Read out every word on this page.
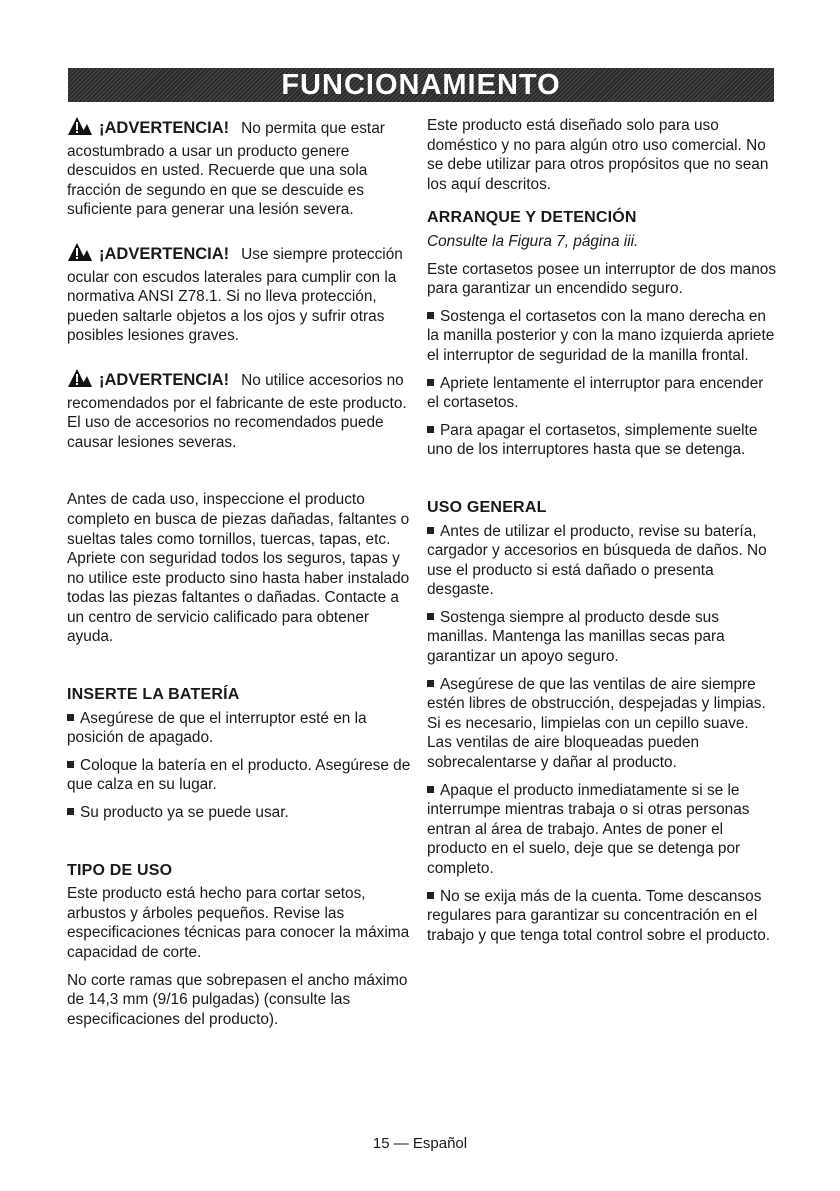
FUNCIONAMIENTO

¡ADVERTENCIA! No permita que estar acostumbrado a usar un producto genere descuidos en usted. Recuerde que una sola fracción de segundo en que se descuide es suficiente para generar una lesión severa.

¡ADVERTENCIA! Use siempre protección ocular con escudos laterales para cumplir con la normativa ANSI Z78.1. Si no lleva protección, pueden saltarle objetos a los ojos y sufrir otras posibles lesiones graves.

¡ADVERTENCIA! No utilice accesorios no recomendados por el fabricante de este producto. El uso de accesorios no recomendados puede causar lesiones severas.

Antes de cada uso, inspeccione el producto completo en busca de piezas dañadas, faltantes o sueltas tales como tornillos, tuercas, tapas, etc. Apriete con seguridad todos los seguros, tapas y no utilice este producto sino hasta haber instalado todas las piezas faltantes o dañadas. Contacte a un centro de servicio calificado para obtener ayuda.

INSERTE LA BATERÍA

Asegúrese de que el interruptor esté en la posición de apagado.

Coloque la batería en el producto. Asegúrese de que calza en su lugar.

Su producto ya se puede usar.

TIPO DE USO

Este producto está hecho para cortar setos, arbustos y árboles pequeños. Revise las especificaciones técnicas para conocer la máxima capacidad de corte.

No corte ramas que sobrepasen el ancho máximo de 14,3 mm (9/16 pulgadas) (consulte las especificaciones del producto).

Este producto está diseñado solo para uso doméstico y no para algún otro uso comercial. No se debe utilizar para otros propósitos que no sean los aquí descritos.

ARRANQUE Y DETENCIÓN
Consulte la Figura 7, página iii.

Este cortasetos posee un interruptor de dos manos para garantizar un encendido seguro.

Sostenga el cortasetos con la mano derecha en la manilla posterior y con la mano izquierda apriete el interruptor de seguridad de la manilla frontal.

Apriete lentamente el interruptor para encender el cortasetos.

Para apagar el cortasetos, simplemente suelte uno de los interruptores hasta que se detenga.

USO GENERAL

Antes de utilizar el producto, revise su batería, cargador y accesorios en búsqueda de daños. No use el producto si está dañado o presenta desgaste.

Sostenga siempre al producto desde sus manillas. Mantenga las manillas secas para garantizar un apoyo seguro.

Asegúrese de que las ventilas de aire siempre estén libres de obstrucción, despejadas y limpias. Si es necesario, limpielas con un cepillo suave. Las ventilas de aire bloqueadas pueden sobrecalentarse y dañar al producto.

Apaque el producto inmediatamente si se le interrumpe mientras trabaja o si otras personas entran al área de trabajo. Antes de poner el producto en el suelo, deje que se detenga por completo.

No se exija más de la cuenta. Tome descansos regulares para garantizar su concentración en el trabajo y que tenga total control sobre el producto.

15 — Español
